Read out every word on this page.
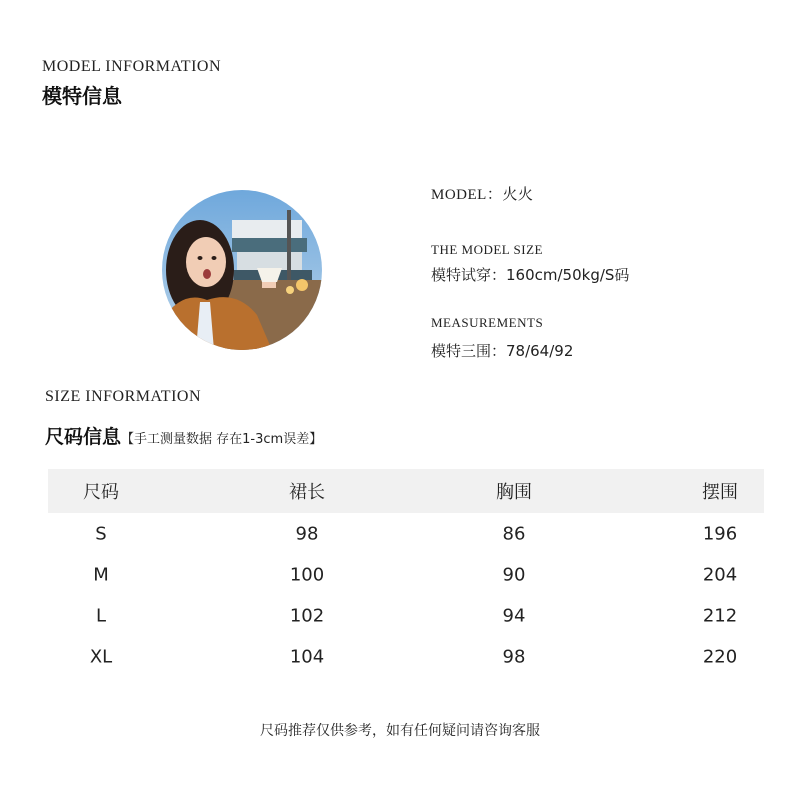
MODEL INFORMATION
模特信息
MODEL：火火
THE MODEL SIZE
模特试穿：160cm/50kg/S码
MEASUREMENTS
模特三围：78/64/92
SIZE INFORMATION
尺码信息【手工测量数据 存在1-3cm误差】
尺码	裙长	胸围	摆围
S	98	86	196
M	100	90	204
L	102	94	212
XL	104	98	220
尺码推荐仅供参考，如有任何疑问请咨询客服
